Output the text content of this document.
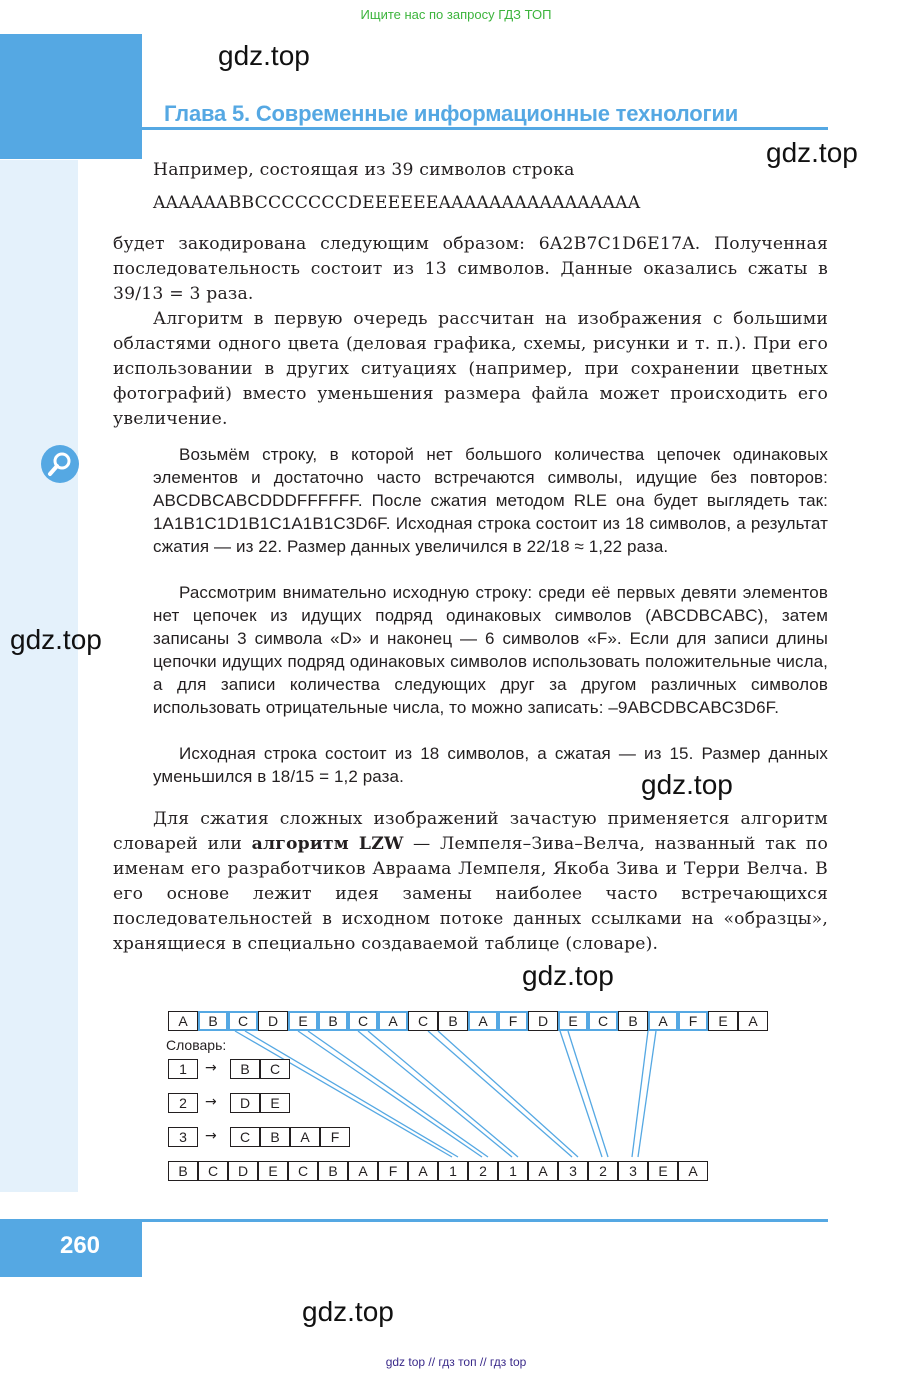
Ищите нас по запросу ГДЗ ТОП
Глава 5. Современные информационные технологии
gdz.top
gdz.top
gdz.top
gdz.top
gdz.top
gdz.top
Например, состоящая из 39 символов строка
AAAAAABBCCCCCCCDEEEEEEAAAAAAAAAAAAAAAA
будет закодирована следующим образом: 6A2B7C1D6E17A. Полученная последовательность состоит из 13 символов. Данные оказались сжаты в 39/13 = 3 раза.
Алгоритм в первую очередь рассчитан на изображения с большими областями одного цвета (деловая графика, схемы, рисунки и т. п.). При его использовании в других ситуациях (например, при сохранении цветных фотографий) вместо уменьшения размера файла может происходить его увеличение.
Возьмём строку, в которой нет большого количества цепочек одинаковых элементов и достаточно часто встречаются символы, идущие без повторов: ABCDBCABCDDDFFFFFF. После сжатия методом RLE она будет выглядеть так: 1A1B1C1D1B1C1A1B1C3D6F. Исходная строка состоит из 18 символов, а результат сжатия — из 22. Размер данных увеличился в 22/18 ≈ 1,22 раза.
Рассмотрим внимательно исходную строку: среди её первых девяти элементов нет цепочек из идущих подряд одинаковых символов (ABCDBCABC), затем записаны 3 символа «D» и наконец — 6 символов «F». Если для записи длины цепочки идущих подряд одинаковых символов использовать положительные числа, а для записи количества следующих друг за другом различных символов использовать отрицательные числа, то можно записать: –9ABCDBCABC3D6F.
Исходная строка состоит из 18 символов, а сжатая — из 15. Размер данных уменьшился в 18/15 = 1,2 раза.
Для сжатия сложных изображений зачастую применяется алгоритм словарей или алгоритм LZW — Лемпеля–Зива–Велча, названный так по именам его разработчиков Авраама Лемпеля, Якоба Зива и Терри Велча. В его основе лежит идея замены наиболее часто встречающихся последовательностей в исходном потоке данных ссылками на «образцы», хранящиеся в специально создаваемой таблице (словаре).
A	B	C	D	E	B	C	A	C	B	A	F	D	E	C	B	A	F	E	A
Словарь:
1	→	B	C
2	→	D	E
3	→	C	B	A	F
B	C	D	E	C	B	A	F	A	1	2	1	A	3	2	3	E	A
260
gdz top // гдз топ // гдз top
